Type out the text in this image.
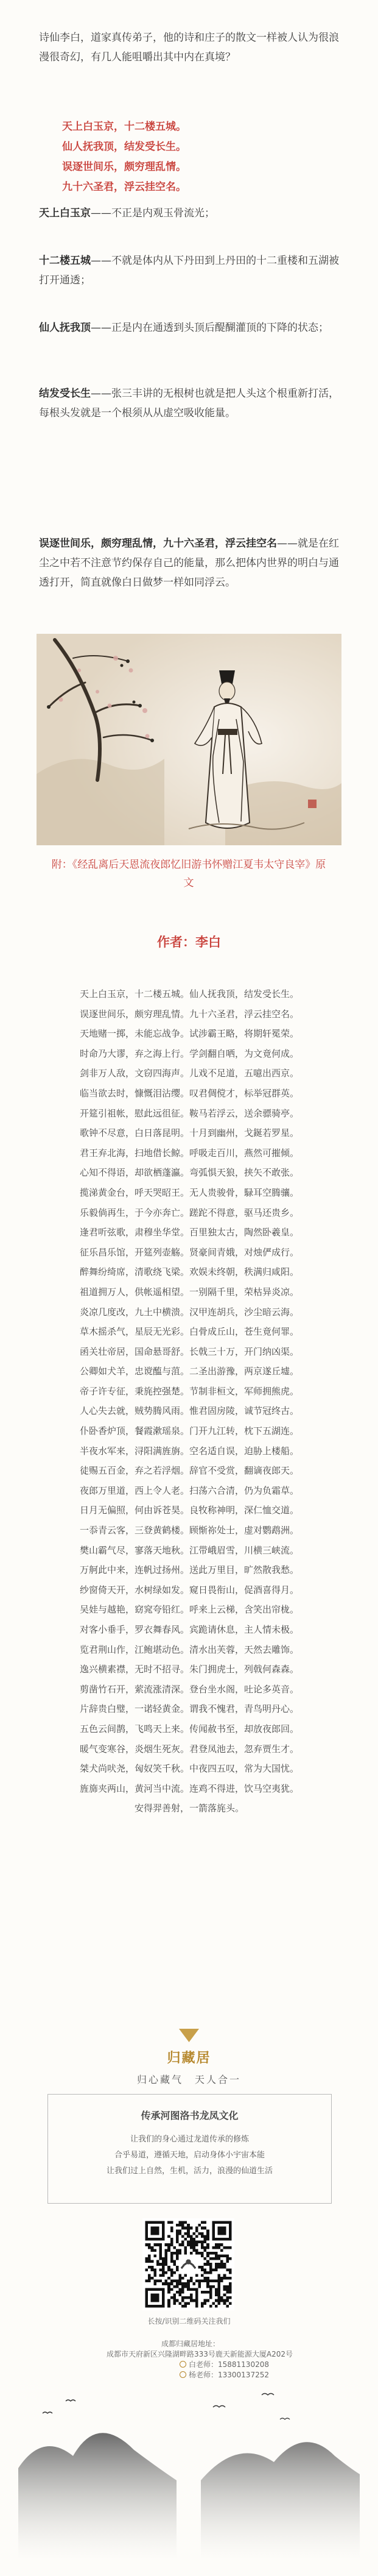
诗仙李白，道家真传弟子，他的诗和庄子的散文一样被人认为很浪漫很奇幻，有几人能咀嚼出其中内在真境？

天上白玉京，十二楼五城。

仙人抚我顶，结发受长生。

误逐世间乐，颇穷理乱情。

九十六圣君，浮云挂空名。

天上白玉京——不正是内观玉骨流光；

十二楼五城——不就是体内从下丹田到上丹田的十二重楼和五湖被打开通透；

仙人抚我顶——正是内在通透到头顶后醍醐灌顶的下降的状态；

结发受长生——张三丰讲的无根树也就是把人头这个根重新打活，每根头发就是一个根须从从虚空吸收能量。

误逐世间乐，颇穷理乱情，九十六圣君，浮云挂空名——就是在红尘之中若不注意节约保存自己的能量，那么把体内世界的明白与通透打开，简直就像白日做梦一样如同浮云。

附：《经乱离后天恩流夜郎忆旧游书怀赠江夏韦太守良宰》原文

作者：李白

天上白玉京，十二楼五城。仙人抚我顶，结发受长生。

误逐世间乐，颇穷理乱情。九十六圣君，浮云挂空名。

天地赌一掷，未能忘战争。试涉霸王略，将期轩冕荣。

时命乃大谬，弃之海上行。学剑翻自哂，为文竟何成。

剑非万人敌，文窃四海声。儿戏不足道，五噫出西京。

临当欲去时，慷慨泪沾缨。叹君倜傥才，标举冠群英。

开筵引祖帐，慰此远徂征。鞍马若浮云，送余骠骑亭。

歌钟不尽意，白日落昆明。十月到幽州，戈鋋若罗星。

君王弃北海，扫地借长鲸。呼吸走百川，燕然可摧倾。

心知不得语，却欲栖蓬瀛。弯弧惧天狼，挟矢不敢张。

揽涕黄金台，呼天哭昭王。无人贵骏骨，騄耳空腾骧。

乐毅倘再生，于今亦奔亡。蹉跎不得意，驱马还贵乡。

逢君听弦歌，肃穆坐华堂。百里独太古，陶然卧羲皇。

征乐昌乐馆，开筵列壶觞。贤豪间青娥，对烛俨成行。

醉舞纷绮席，清歌绕飞梁。欢娱未终朝，秩满归咸阳。

祖道拥万人，供帐遥相望。一别隔千里，荣枯异炎凉。

炎凉几度改，九土中横溃。汉甲连胡兵，沙尘暗云海。

草木摇杀气，星辰无光彩。白骨成丘山，苍生竟何罪。

函关壮帝居，国命悬哥舒。长戟三十万，开门纳凶渠。

公卿如犬羊，忠谠醢与菹。二圣出游豫，两京遂丘墟。

帝子许专征，秉旄控强楚。节制非桓文，军师拥熊虎。

人心失去就，贼势腾风雨。惟君固房陵，诚节冠终古。

仆卧香炉顶，餐霞漱瑶泉。门开九江转，枕下五湖连。

半夜水军来，浔阳满旌旃。空名适自误，迫胁上楼船。

徒赐五百金，弃之若浮烟。辞官不受赏，翻谪夜郎天。

夜郎万里道，西上令人老。扫荡六合清，仍为负霜草。

日月无偏照，何由诉苍昊。良牧称神明，深仁恤交道。

一忝青云客，三登黄鹤楼。顾惭祢处士，虚对鹦鹉洲。

樊山霸气尽，寥落天地秋。江带峨眉雪，川横三峡流。

万舸此中来，连帆过扬州。送此万里目，旷然散我愁。

纱窗倚天开，水树绿如发。窥日畏衔山，促酒喜得月。

吴娃与越艳，窈窕夸铅红。呼来上云梯，含笑出帘栊。

对客小垂手，罗衣舞春风。宾跪请休息，主人情未极。

览君荆山作，江鲍堪动色。清水出芙蓉，天然去雕饰。

逸兴横素襟，无时不招寻。朱门拥虎士，列戟何森森。

剪凿竹石开，萦流涨清深。登台坐水阁，吐论多英音。

片辞贵白璧，一诺轻黄金。谓我不愧君，青鸟明丹心。

五色云间鹊，飞鸣天上来。传闻赦书至，却放夜郎回。

暖气变寒谷，炎烟生死灰。君登凤池去，忽弃贾生才。

桀犬尚吠尧，匈奴笑千秋。中夜四五叹，常为大国忧。

旌旆夹两山，黄河当中流。连鸡不得进，饮马空夷犹。

安得羿善射，一箭落旄头。

归藏居

归心藏气　天人合一

传承河图洛书龙凤文化

让我们的身心通过龙道传承的修炼

合乎易道，遵循天地，启动身体小宇宙本能

让我们过上自然，生机，活力，浪漫的仙道生活

长按/识别二维码关注我们

成都归藏居地址：

成都市天府新区兴隆湖畔路333号鹿天新能源大厦A202号

白老师：15881130208

杨老师：13300137252
